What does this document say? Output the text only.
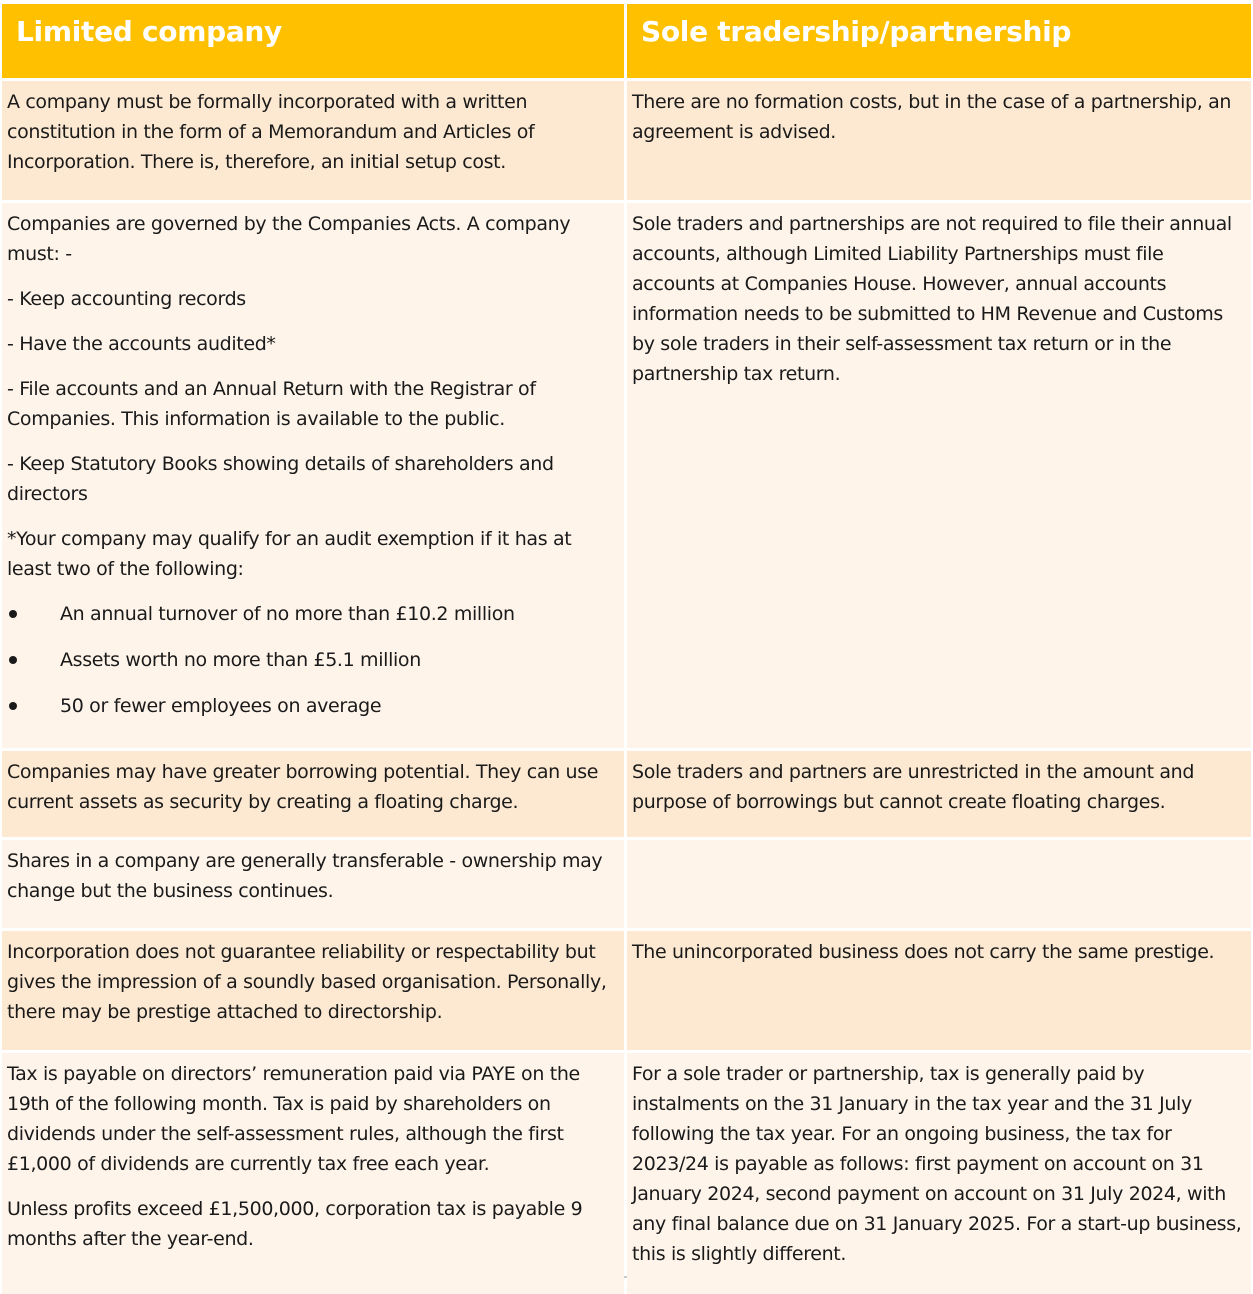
Limited company	Sole tradership/partnership

A company must be formally incorporated with a written constitution in the form of a Memorandum and Articles of Incorporation. There is, therefore, an initial setup cost.

There are no formation costs, but in the case of a partnership, an agreement is advised.

Companies are governed by the Companies Acts. A company must: -

- Keep accounting records

- Have the accounts audited*

- File accounts and an Annual Return with the Registrar of Companies. This information is available to the public.

- Keep Statutory Books showing details of shareholders and directors

*Your company may qualify for an audit exemption if it has at least two of the following:

An annual turnover of no more than £10.2 million
Assets worth no more than £5.1 million
50 or fewer employees on average

Sole traders and partnerships are not required to file their annual accounts, although Limited Liability Partnerships must file accounts at Companies House. However, annual accounts information needs to be submitted to HM Revenue and Customs by sole traders in their self-assessment tax return or in the partnership tax return.

Companies may have greater borrowing potential. They can use current assets as security by creating a floating charge.

Sole traders and partners are unrestricted in the amount and purpose of borrowings but cannot create floating charges.

Shares in a company are generally transferable - ownership may change but the business continues.

Incorporation does not guarantee reliability or respectability but gives the impression of a soundly based organisation. Personally, there may be prestige attached to directorship.

The unincorporated business does not carry the same prestige.

Tax is payable on directors’ remuneration paid via PAYE on the 19th of the following month. Tax is paid by shareholders on dividends under the self-assessment rules, although the first £1,000 of dividends are currently tax free each year.

Unless profits exceed £1,500,000, corporation tax is payable 9 months after the year-end.

For a sole trader or partnership, tax is generally paid by instalments on the 31 January in the tax year and the 31 July following the tax year. For an ongoing business, the tax for 2023/24 is payable as follows: first payment on account on 31 January 2024, second payment on account on 31 July 2024, with any final balance due on 31 January 2025. For a start-up business, this is slightly different.
